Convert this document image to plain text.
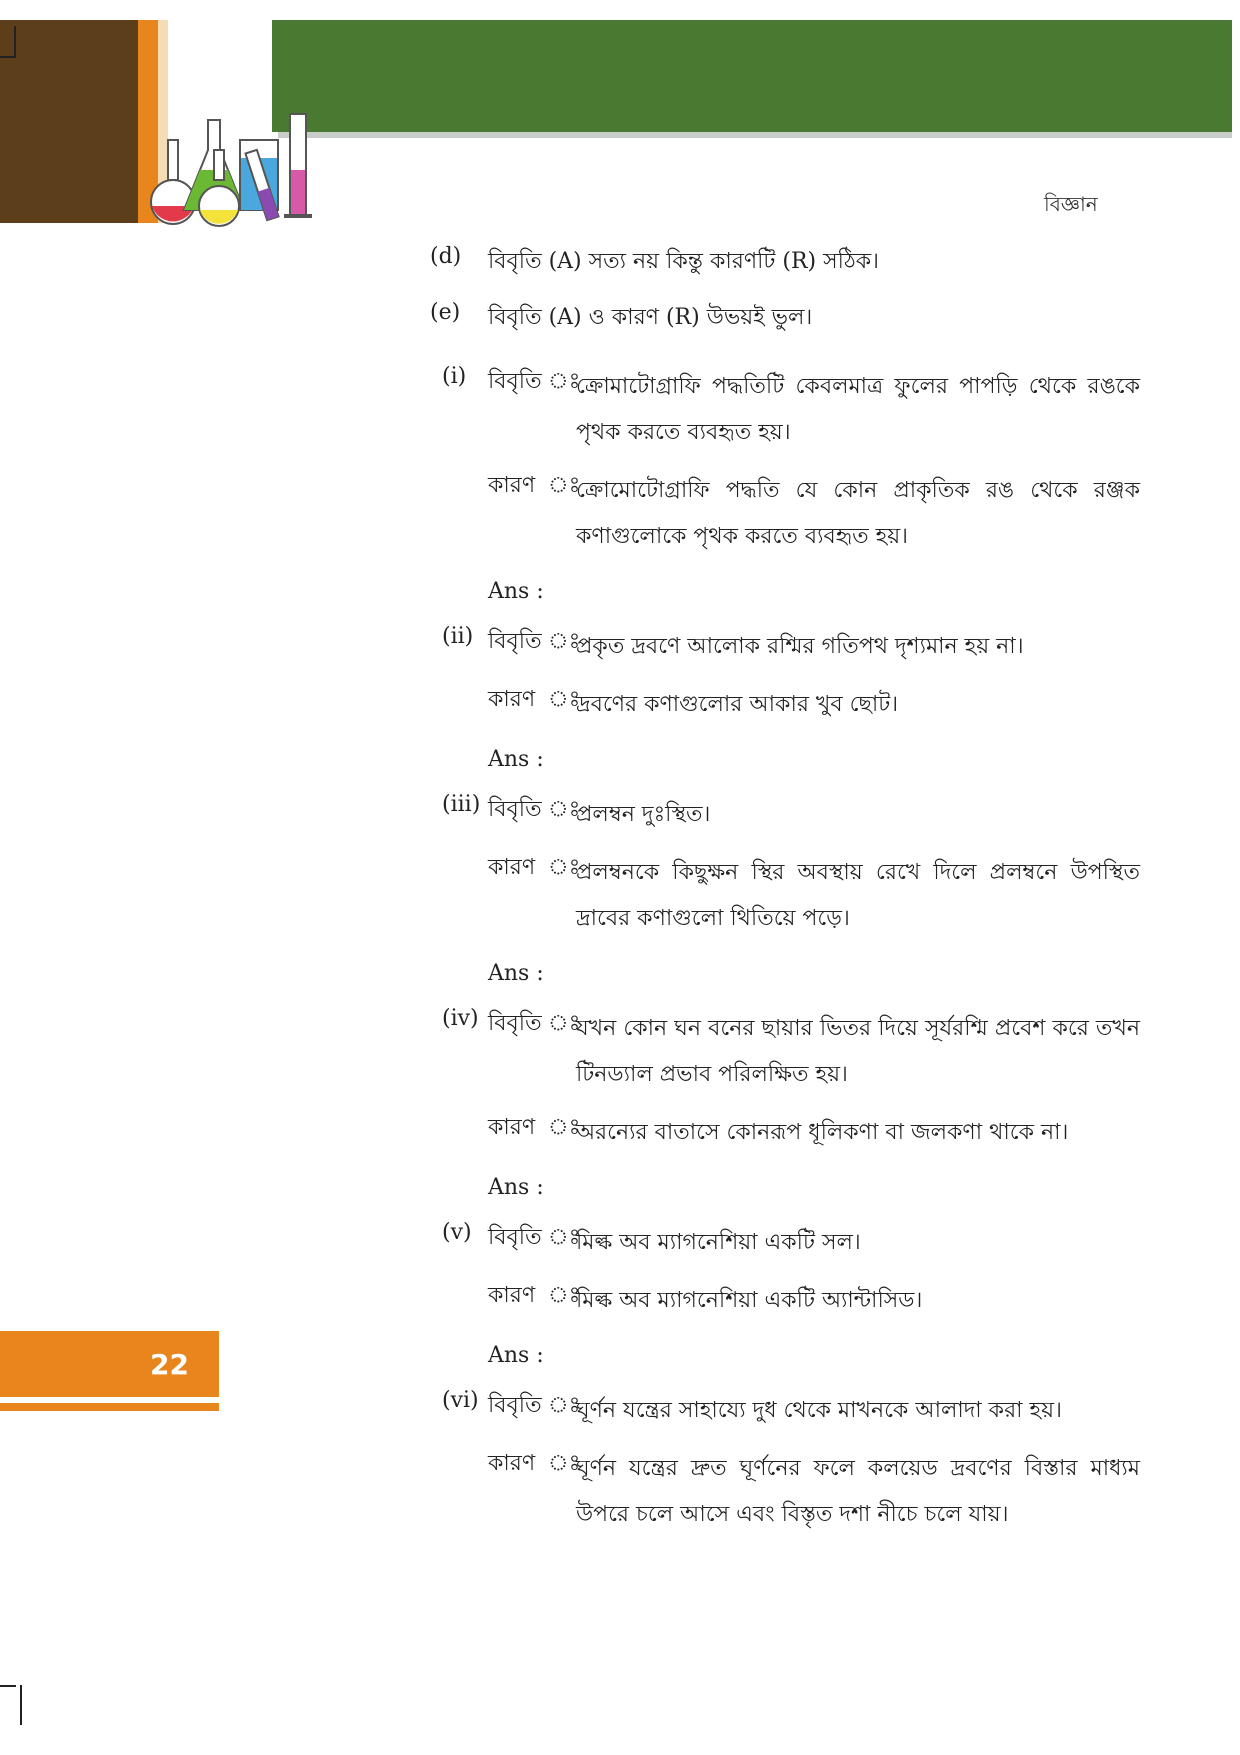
বিজ্ঞান
22
(d) বিবৃতি (A) সত্য নয় কিন্তু কারণটি (R) সঠিক।
(e) বিবৃতি (A) ও কারণ (R) উভয়ই ভুল।
(i) বিবৃতি ঃ
ক্রোমাটোগ্রাফি পদ্ধতিটি কেবলমাত্র ফুলের পাপড়ি থেকে রঙকে পৃথক করতে ব্যবহৃত হয়।
কারণ ঃ
ক্রোমোটোগ্রাফি পদ্ধতি যে কোন প্রাকৃতিক রঙ থেকে রঞ্জক কণাগুলোকে পৃথক করতে ব্যবহৃত হয়।
Ans :
(ii) বিবৃতি ঃ
প্রকৃত দ্রবণে আলোক রশ্মির গতিপথ দৃশ্যমান হয় না।
কারণ ঃ
দ্রবণের কণাগুলোর আকার খুব ছোট।
Ans :
(iii) বিবৃতি ঃ
প্রলম্বন দুঃস্থিত।
কারণ ঃ
প্রলম্বনকে কিছুক্ষন স্থির অবস্থায় রেখে দিলে প্রলম্বনে উপস্থিত দ্রাবের কণাগুলো থিতিয়ে পড়ে।
Ans :
(iv) বিবৃতি ঃ
যখন কোন ঘন বনের ছায়ার ভিতর দিয়ে সূর্যরশ্মি প্রবেশ করে তখন টিনড্যাল প্রভাব পরিলক্ষিত হয়।
কারণ ঃ
অরন্যের বাতাসে কোনরূপ ধূলিকণা বা জলকণা থাকে না।
Ans :
(v) বিবৃতি ঃ
মিল্ক অব ম্যাগনেশিয়া একটি সল।
কারণ ঃ
মিল্ক অব ম্যাগনেশিয়া একটি অ্যান্টাসিড।
Ans :
(vi) বিবৃতি ঃ
ঘূর্ণন যন্ত্রের সাহায্যে দুধ থেকে মাখনকে আলাদা করা হয়।
কারণ ঃ
ঘূর্ণন যন্ত্রের দ্রুত ঘূর্ণনের ফলে কলয়েড দ্রবণের বিস্তার মাধ্যম উপরে চলে আসে এবং বিস্তৃত দশা নীচে চলে যায়।
